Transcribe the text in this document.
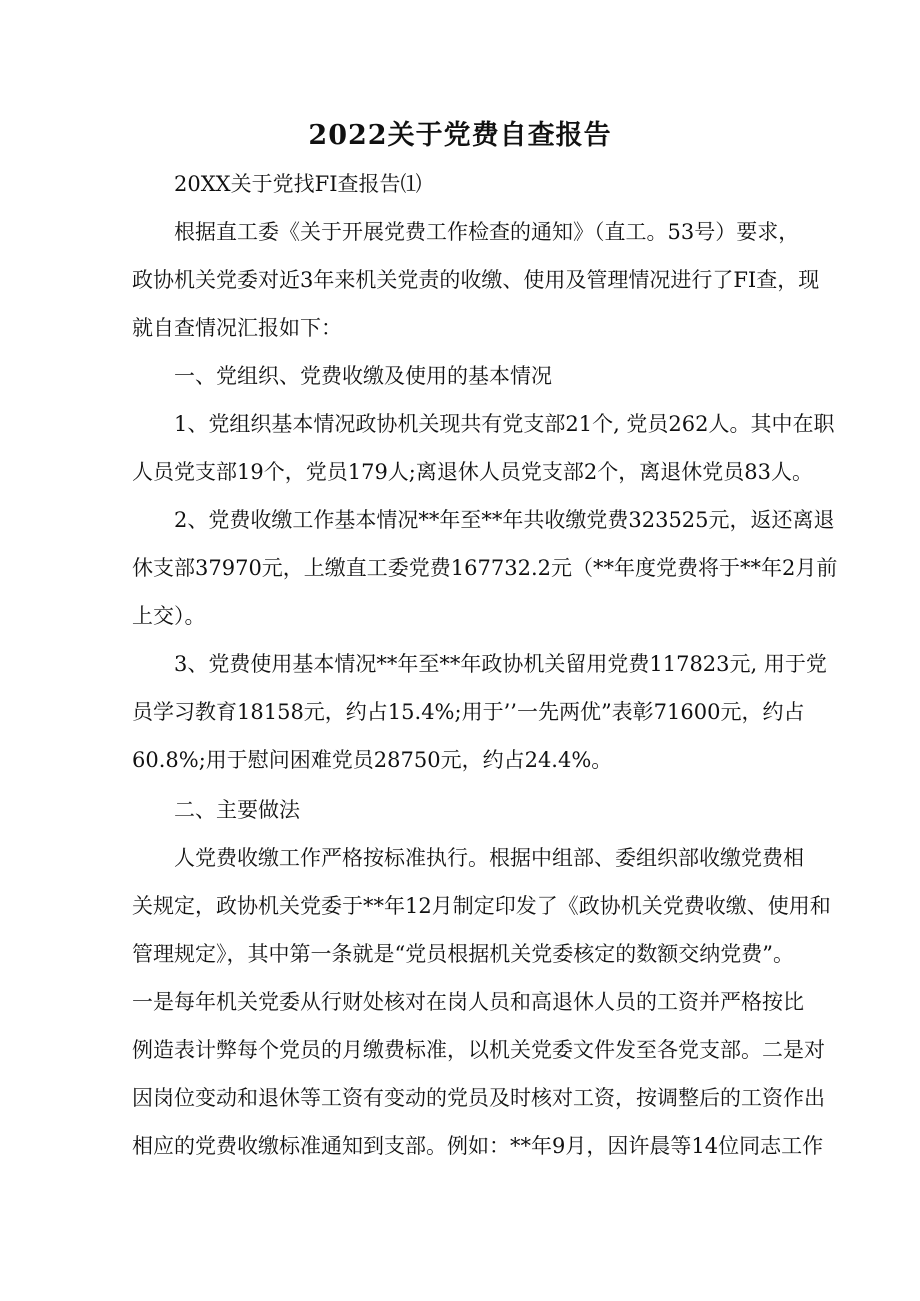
2022关于党费自查报告
20XX关于党找FI查报告⑴
根据直工委《关于开展党费工作检查的通知》（直工。53号）要求，
政协机关党委对近3年来机关党责的收缴、使用及管理情况进行了FI查，现
就自查情况汇报如下：
一、党组织、党费收缴及使用的基本情况
1、党组织基本情况政协机关现共有党支部21个, 党员262人。其中在职
人员党支部19个，党员179人;离退休人员党支部2个，离退休党员83人。
2、党费收缴工作基本情况**年至**年共收缴党费323525元，返还离退
休支部37970元，上缴直工委党费167732.2元（**年度党费将于**年2月前
上交）。
3、党费使用基本情况**年至**年政协机关留用党费117823元, 用于党
员学习教育18158元，约占15.4%;用于’’一先两优”表彰71600元，约占
60.8%;用于慰问困难党员28750元，约占24.4%。
二、主要做法
人党费收缴工作严格按标准执行。根据中组部、委组织部收缴党费相
关规定，政协机关党委于**年12月制定印发了《政协机关党费收缴、使用和
管理规定》，其中第一条就是“党员根据机关党委核定的数额交纳党费”。
一是每年机关党委从行财处核对在岗人员和高退休人员的工资并严格按比
例造表计弊每个党员的月缴费标准，以机关党委文件发至各党支部。二是对
因岗位变动和退休等工资有变动的党员及时核对工资，按调整后的工资作出
相应的党费收缴标准通知到支部。例如：**年9月，因许晨等14位同志工作
